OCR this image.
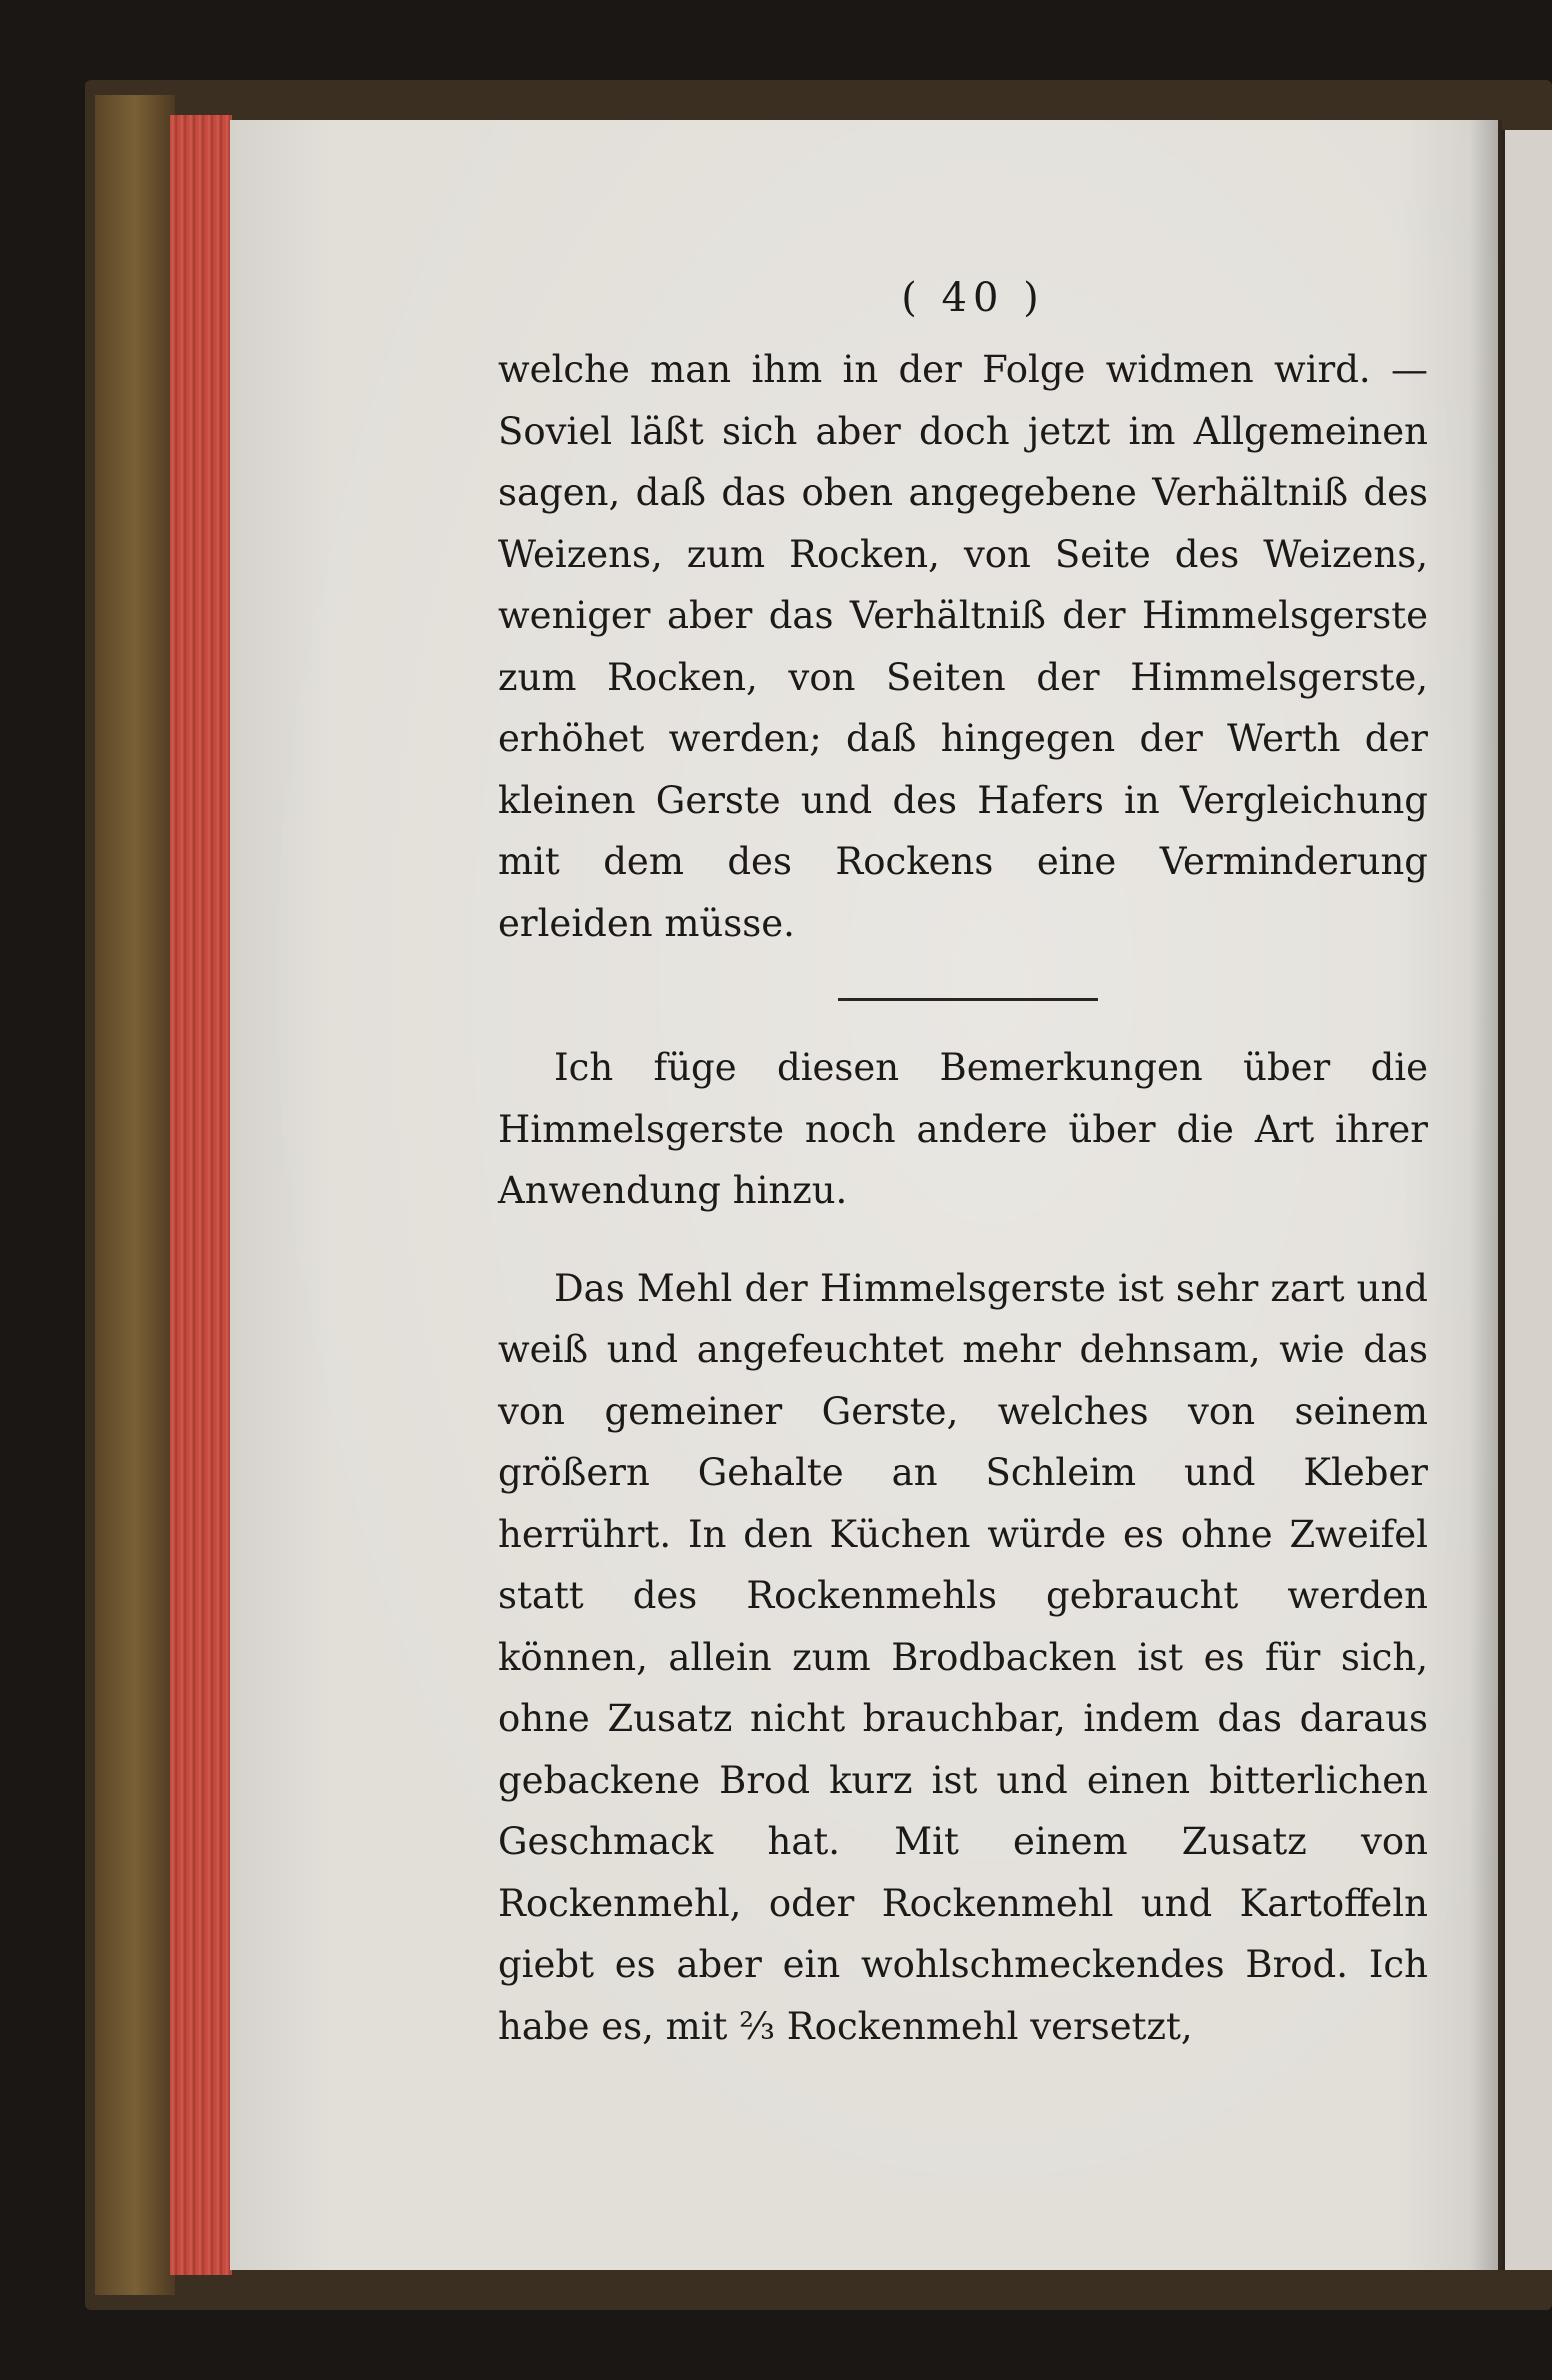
( 40 )

welche man ihm in der Folge widmen wird. — Soviel läßt sich aber doch jetzt im Allgemeinen sagen, daß das oben angegebene Verhältniß des Weizens, zum Rocken, von Seite des Weizens, weniger aber das Verhältniß der Himmelsgerste zum Rocken, von Seiten der Himmelsgerste, erhöhet werden; daß hingegen der Werth der kleinen Gerste und des Hafers in Vergleichung mit dem des Rockens eine Verminderung erleiden müsse.

Ich füge diesen Bemerkungen über die Himmelsgerste noch andere über die Art ihrer Anwendung hinzu.

Das Mehl der Himmelsgerste ist sehr zart und weiß und angefeuchtet mehr dehnsam, wie das von gemeiner Gerste, welches von seinem größern Gehalte an Schleim und Kleber herrührt. In den Küchen würde es ohne Zweifel statt des Rockenmehls gebraucht werden können, allein zum Brodbacken ist es für sich, ohne Zusatz nicht brauchbar, indem das daraus gebackene Brod kurz ist und einen bitterlichen Geschmack hat. Mit einem Zusatz von Rockenmehl, oder Rockenmehl und Kartoffeln giebt es aber ein wohlschmeckendes Brod. Ich habe es, mit ⅔ Rockenmehl versetzt,
